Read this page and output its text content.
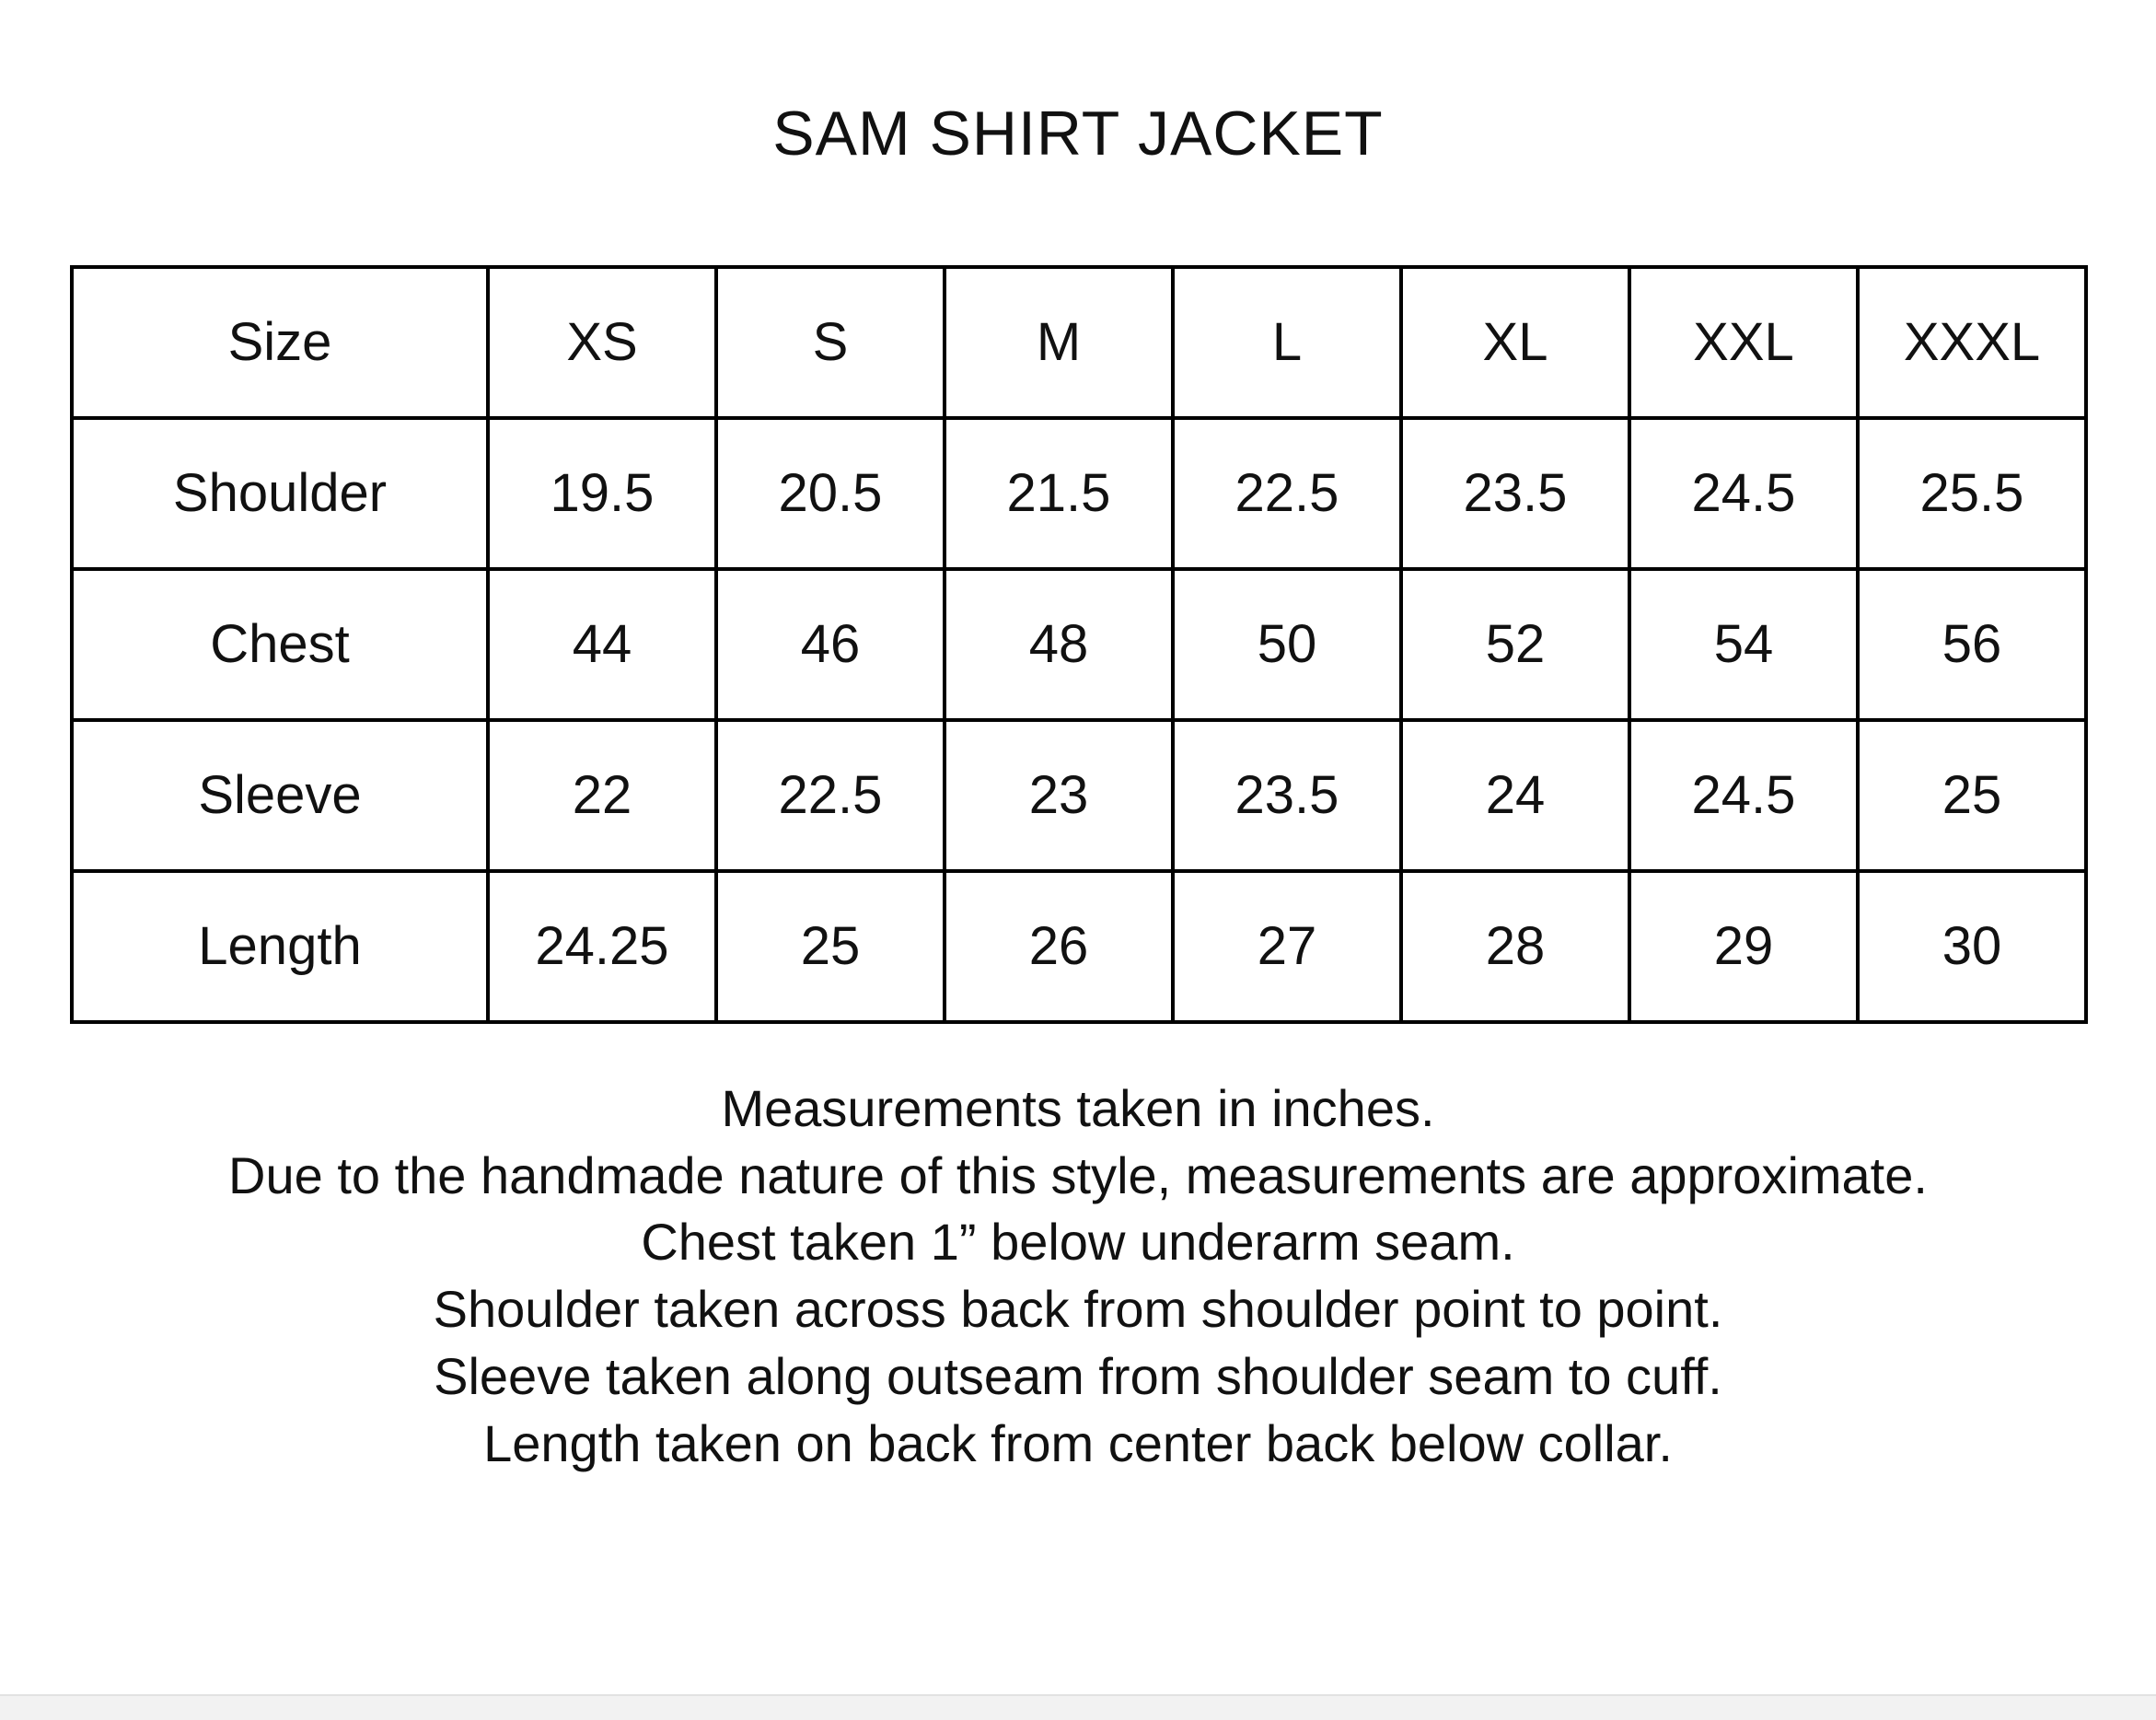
SAM SHIRT JACKET
Size	XS	S	M	L	XL	XXL	XXXL
Shoulder	19.5	20.5	21.5	22.5	23.5	24.5	25.5
Chest	44	46	48	50	52	54	56
Sleeve	22	22.5	23	23.5	24	24.5	25
Length	24.25	25	26	27	28	29	30
Measurements taken in inches.
Due to the handmade nature of this style, measurements are approximate.
Chest taken 1” below underarm seam.
Shoulder taken across back from shoulder point to point.
Sleeve taken along outseam from shoulder seam to cuff.
Length taken on back from center back below collar.
